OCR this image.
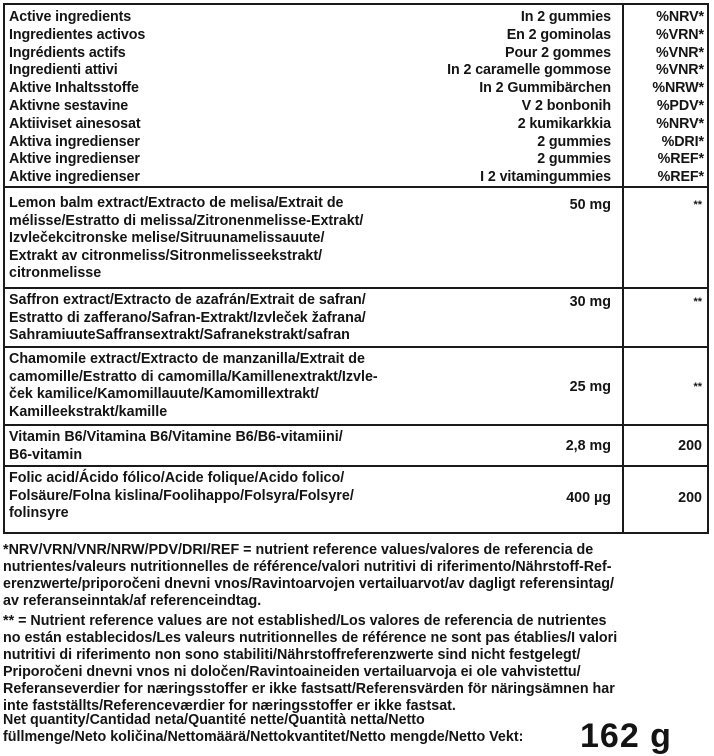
Active ingredients	In 2 gummies	%NRV*
Ingredientes activos	En 2 gominolas	%VRN*
Ingrédients actifs	Pour 2 gommes	%VNR*
Ingredienti attivi	In 2 caramelle gommose	%VNR*
Aktive Inhaltsstoffe	In 2 Gummibärchen	%NRW*
Aktivne sestavine	V 2 bonbonih	%PDV*
Aktiiviset ainesosat	2 kumikarkkia	%NRV*
Aktiva ingredienser	2 gummies	%DRI*
Aktive ingredienser	2 gummies	%REF*
Aktive ingredienser	I 2 vitamingummies	%REF*
Lemon balm extract/Extracto de melisa/Extrait de
mélisse/Estratto di melissa/Zitronenmelisse-Extrakt/
Izvlečekcitronske melise/Sitruunamelissauute/
Extrakt av citronmeliss/Sitronmelisseekstrakt/
citronmelisse
50 mg	**
Saffron extract/Extracto de azafrán/Extrait de safran/
Estratto di zafferano/Safran-Extrakt/Izvleček žafrana/
SahramiuuteSaffransextrakt/Safranekstrakt/safran
30 mg	**
Chamomile extract/Extracto de manzanilla/Extrait de
camomille/Estratto di camomilla/Kamillenextrakt/Izvle-
ček kamilice/Kamomillauute/Kamomillextrakt/
Kamilleekstrakt/kamille
25 mg	**
Vitamin B6/Vitamina B6/Vitamine B6/B6-vitamiini/
B6-vitamin
2,8 mg	200
Folic acid/Ácido fólico/Acide folique/Acido folico/
Folsäure/Folna kislina/Foolihappo/Folsyra/Folsyre/
folinsyre
400 µg	200
*NRV/VRN/VNR/NRW/PDV/DRI/REF = nutrient reference values/valores de referencia de
nutrientes/valeurs nutritionnelles de référence/valori nutritivi di riferimento/Nährstoff-Ref-
erenzwerte/priporočeni dnevni vnos/Ravintoarvojen vertailuarvot/av dagligt referensintag/
av referanseinntak/af referenceindtag.
** = Nutrient reference values are not established/Los valores de referencia de nutrientes
no están establecidos/Les valeurs nutritionnelles de référence ne sont pas établies/I valori
nutritivi di riferimento non sono stabiliti/Nährstoffreferenzwerte sind nicht festgelegt/
Priporočeni dnevni vnos ni določen/Ravintoaineiden vertailuarvoja ei ole vahvistettu/
Referanseverdier for næringsstoffer er ikke fastsatt/Referensvärden för näringsämnen har
inte fastställts/Referenceværdier for næringsstoffer er ikke fastsat.
Net quantity/Cantidad neta/Quantité nette/Quantità netta/Netto
füllmenge/Neto količina/Nettomäärä/Nettokvantitet/Netto mengde/Netto Vekt: 162 g
